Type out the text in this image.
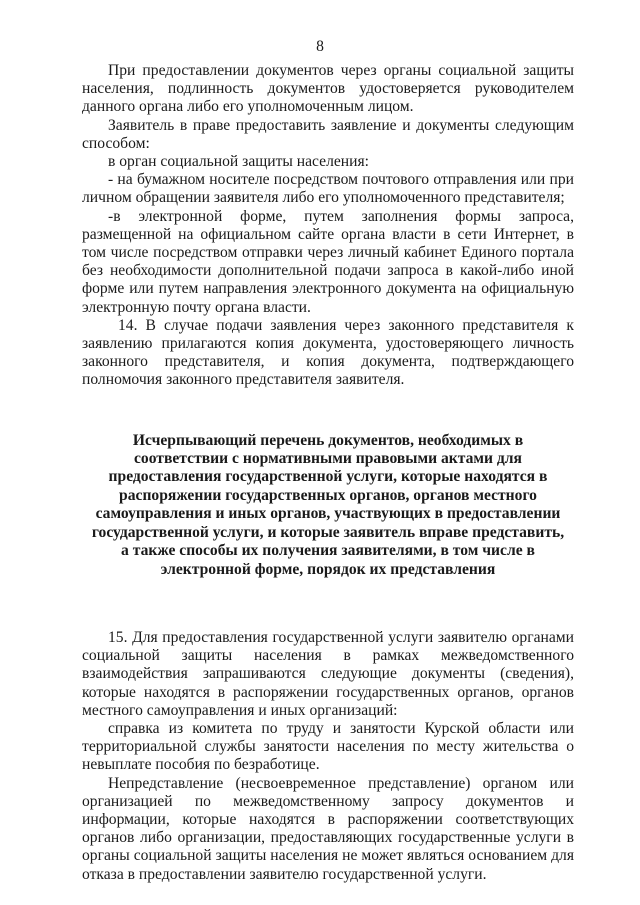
8

При предоставлении документов через органы социальной защиты населения, подлинность документов удостоверяется руководителем данного органа либо его уполномоченным лицом.

Заявитель в праве предоставить заявление и документы следующим способом:

в орган социальной защиты населения:

- на бумажном носителе посредством почтового отправления или при личном обращении заявителя либо его уполномоченного представителя;

-в электронной форме, путем заполнения формы запроса, размещенной на официальном сайте органа власти в сети Интернет, в том числе посредством отправки через личный кабинет Единого портала без необходимости дополнительной подачи запроса в какой-либо иной форме или путем направления электронного документа на официальную электронную почту органа власти.

14. В случае подачи заявления через законного представителя к заявлению прилагаются копия документа, удостоверяющего личность законного представителя, и копия документа, подтверждающего полномочия законного представителя заявителя.

Исчерпывающий перечень документов, необходимых в соответствии с нормативными правовыми актами для предоставления государственной услуги, которые находятся в распоряжении государственных органов, органов местного самоуправления и иных органов, участвующих в предоставлении государственной услуги, и которые заявитель вправе представить, а также способы их получения заявителями, в том числе в электронной форме, порядок их представления

15. Для предоставления государственной услуги заявителю органами социальной защиты населения в рамках межведомственного взаимодействия запрашиваются следующие документы (сведения), которые находятся в распоряжении государственных органов, органов местного самоуправления и иных организаций:

справка из комитета по труду и занятости Курской области или территориальной службы занятости населения по месту жительства о невыплате пособия по безработице.

Непредставление (несвоевременное представление) органом или организацией по межведомственному запросу документов и информации, которые находятся в распоряжении соответствующих органов либо организации, предоставляющих государственные услуги в органы социальной защиты населения не может являться основанием для отказа в предоставлении заявителю государственной услуги.
